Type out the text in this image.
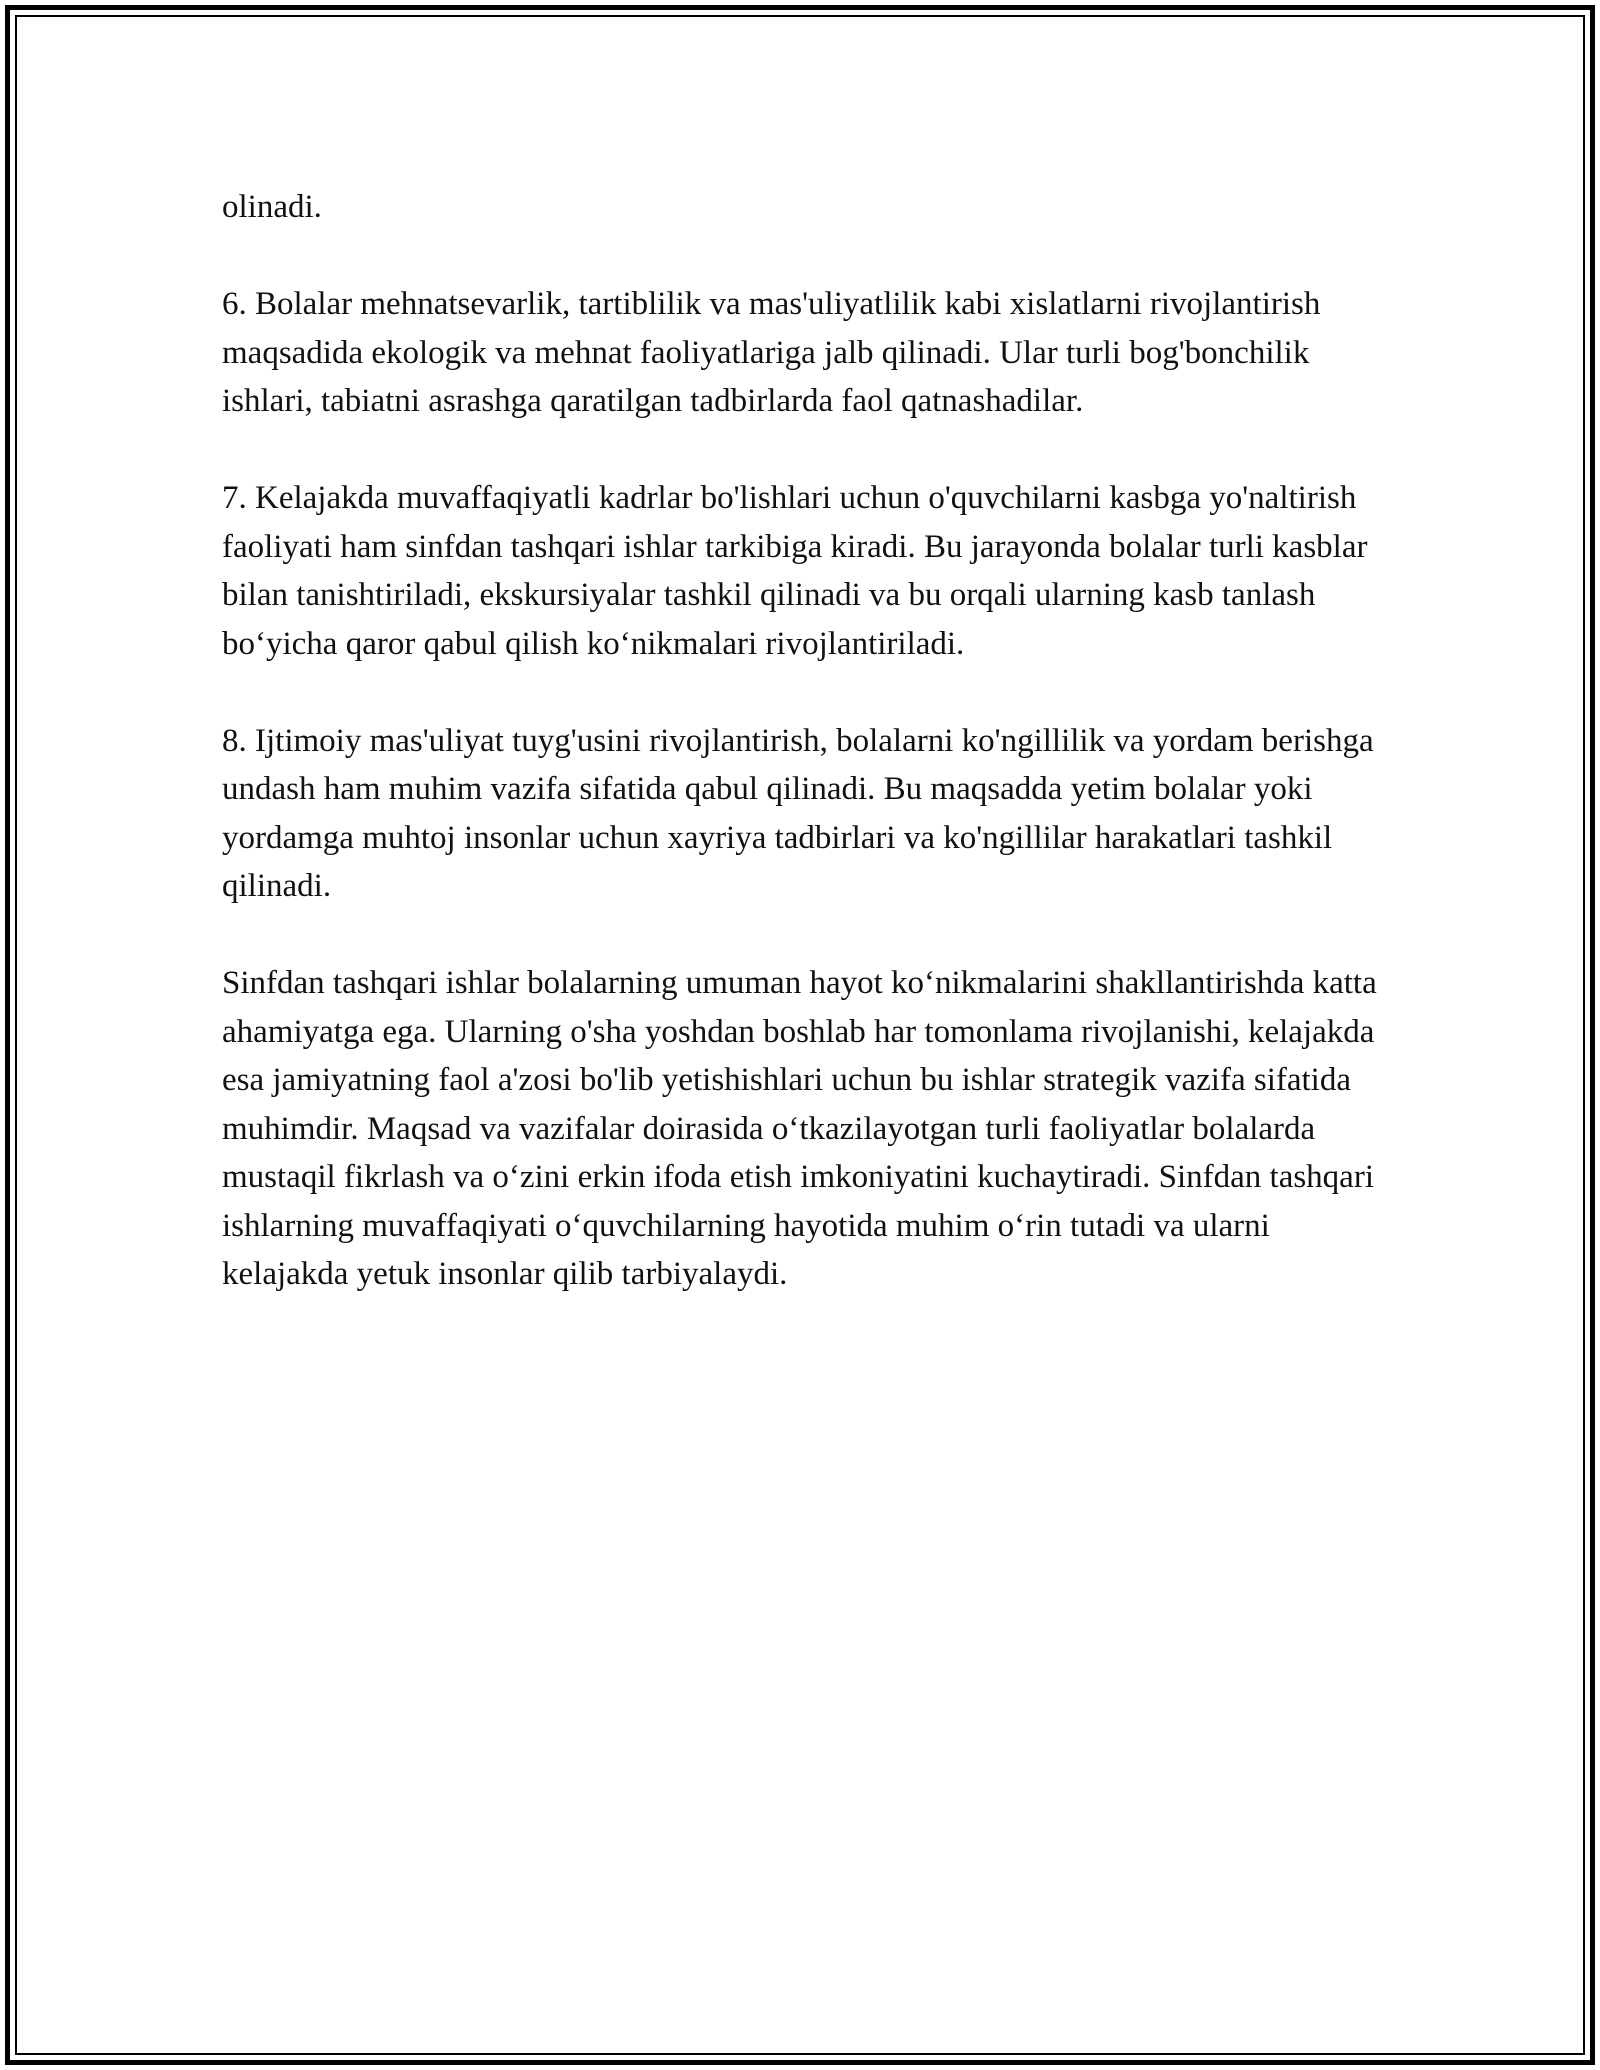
olinadi.

6. Bolalar mehnatsevarlik, tartiblilik va mas'uliyatlilik kabi xislatlarni rivojlantirish maqsadida ekologik va mehnat faoliyatlariga jalb qilinadi. Ular turli bog'bonchilik ishlari, tabiatni asrashga qaratilgan tadbirlarda faol qatnashadilar.

7. Kelajakda muvaffaqiyatli kadrlar bo'lishlari uchun o'quvchilarni kasbga yo'naltirish faoliyati ham sinfdan tashqari ishlar tarkibiga kiradi. Bu jarayonda bolalar turli kasblar bilan tanishtiriladi, ekskursiyalar tashkil qilinadi va bu orqali ularning kasb tanlash bo‘yicha qaror qabul qilish ko‘nikmalari rivojlantiriladi.

8. Ijtimoiy mas'uliyat tuyg'usini rivojlantirish, bolalarni ko'ngillilik va yordam berishga undash ham muhim vazifa sifatida qabul qilinadi. Bu maqsadda yetim bolalar yoki yordamga muhtoj insonlar uchun xayriya tadbirlari va ko'ngillilar harakatlari tashkil qilinadi.

Sinfdan tashqari ishlar bolalarning umuman hayot ko‘nikmalarini shakllantirishda katta ahamiyatga ega. Ularning o'sha yoshdan boshlab har tomonlama rivojlanishi, kelajakda esa jamiyatning faol a'zosi bo'lib yetishishlari uchun bu ishlar strategik vazifa sifatida muhimdir. Maqsad va vazifalar doirasida o‘tkazilayotgan turli faoliyatlar bolalarda mustaqil fikrlash va o‘zini erkin ifoda etish imkoniyatini kuchaytiradi. Sinfdan tashqari ishlarning muvaffaqiyati o‘quvchilarning hayotida muhim o‘rin tutadi va ularni kelajakda yetuk insonlar qilib tarbiyalaydi.
